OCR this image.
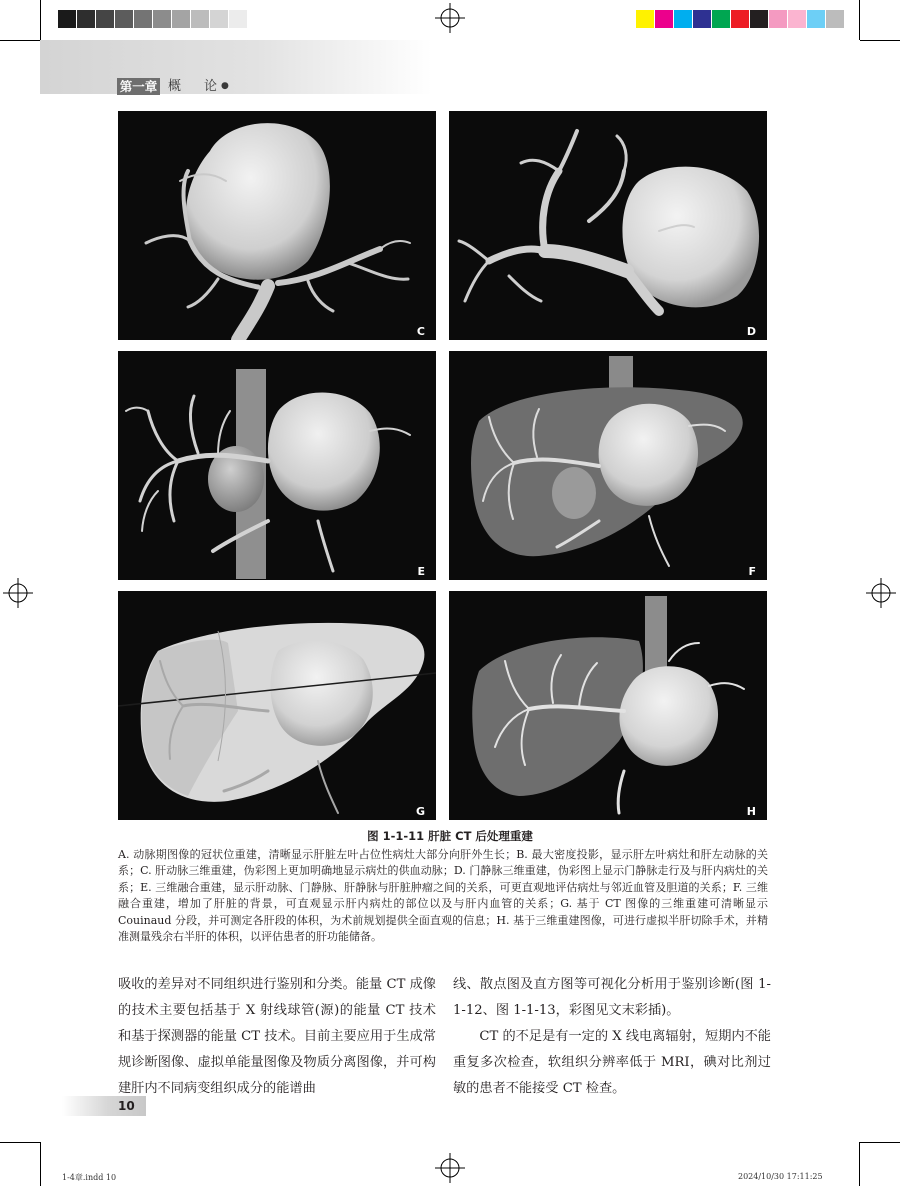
第一章 概 论 ●
C	D
E	F
G	H
图 1-1-11 肝脏 CT 后处理重建

A. 动脉期图像的冠状位重建，清晰显示肝脏左叶占位性病灶大部分向肝外生长；B. 最大密度投影，显示肝左叶病灶和肝左动脉的关系；C. 肝动脉三维重建，伪彩图上更加明确地显示病灶的供血动脉；D. 门静脉三维重建，伪彩图上显示门静脉走行及与肝内病灶的关系；E. 三维融合重建，显示肝动脉、门静脉、肝静脉与肝脏肿瘤之间的关系，可更直观地评估病灶与邻近血管及胆道的关系；F. 三维融合重建，增加了肝脏的背景，可直观显示肝内病灶的部位以及与肝内血管的关系；G. 基于 CT 图像的三维重建可清晰显示 Couinaud 分段，并可测定各肝段的体积，为术前规划提供全面直观的信息；H. 基于三维重建图像，可进行虚拟半肝切除手术，并精准测量残余右半肝的体积，以评估患者的肝功能储备。

吸收的差异对不同组织进行鉴别和分类。能量 CT 成像的技术主要包括基于 X 射线球管(源)的能量 CT 技术和基于探测器的能量 CT 技术。目前主要应用于生成常规诊断图像、虚拟单能量图像及物质分离图像，并可构建肝内不同病变组织成分的能谱曲

线、散点图及直方图等可视化分析用于鉴别诊断(图 1-1-12、图 1-1-13，彩图见文末彩插)。

CT 的不足是有一定的 X 线电离辐射，短期内不能重复多次检查，软组织分辨率低于 MRI，碘对比剂过敏的患者不能接受 CT 检查。

10
1-4章.indd 10	2024/10/30 17:11:25
